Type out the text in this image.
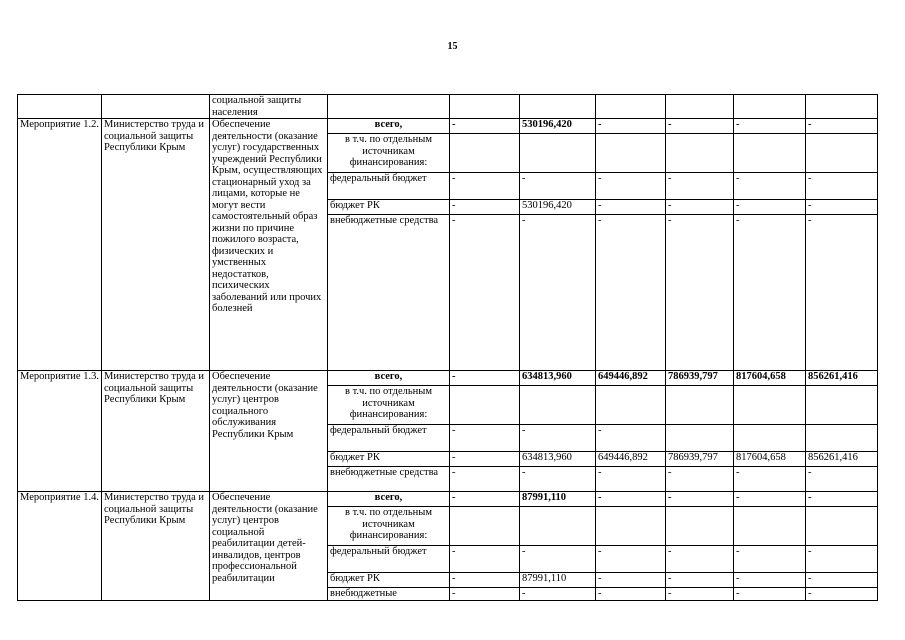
15
		социальной защиты населения							
Мероприятие 1.2.	Министерство труда и социальной защиты Республики Крым	Обеспечение деятельности (оказание услуг) государственных учреждений Республики Крым, осуществляющих стационарный уход за лицами, которые не могут вести самостоятельный образ жизни по причине пожилого возраста, физических и умственных недостатков, психических заболеваний или прочих болезней	всего,	-	530196,420	-	-	-	-
			в т.ч. по отдельным источникам финансирования:						
			федеральный бюджет	-	-	-	-	-	-
			бюджет РК	-	530196,420	-	-	-	-
			внебюджетные средства	-	-	-	-	-	-
Мероприятие 1.3.	Министерство труда и социальной защиты Республики Крым	Обеспечение деятельности (оказание услуг) центров социального обслуживания Республики Крым	всего,	-	634813,960	649446,892	786939,797	817604,658	856261,416
			в т.ч. по отдельным источникам финансирования:						
			федеральный бюджет	-	-	-			
			бюджет РК	-	634813,960	649446,892	786939,797	817604,658	856261,416
			внебюджетные средства	-	-	-	-	-	-
Мероприятие 1.4.	Министерство труда и социальной защиты Республики Крым	Обеспечение деятельности (оказание услуг) центров социальной реабилитации детей-инвалидов, центров профессиональной реабилитации	всего,	-	87991,110	-	-	-	-
			в т.ч. по отдельным источникам финансирования:						
			федеральный бюджет	-	-	-	-	-	-
			бюджет РК	-	87991,110	-	-	-	-
			внебюджетные	-	-	-	-	-	-
